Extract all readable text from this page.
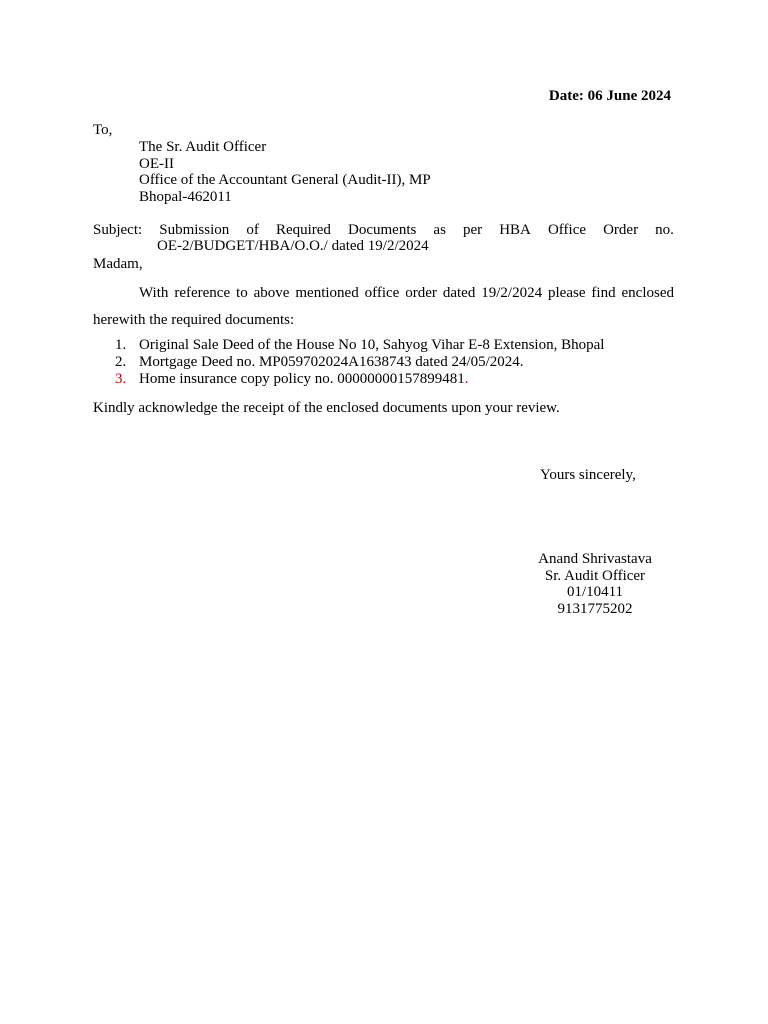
Date: 06 June 2024
To,
The Sr. Audit Officer
OE-II
Office of the Accountant General (Audit-II), MP
Bhopal-462011
Subject: Submission of Required Documents as per HBA Office Order no.
OE-2/BUDGET/HBA/O.O./ dated 19/2/2024
Madam,
With reference to above mentioned office order dated 19/2/2024 please find enclosed
herewith the required documents:
1. Original Sale Deed of the House No 10, Sahyog Vihar E-8 Extension, Bhopal
2. Mortgage Deed no. MP059702024A1638743 dated 24/05/2024.
3. Home insurance copy policy no. 00000000157899481.
Kindly acknowledge the receipt of the enclosed documents upon your review.
Yours sincerely,
Anand Shrivastava
Sr. Audit Officer
01/10411
9131775202
